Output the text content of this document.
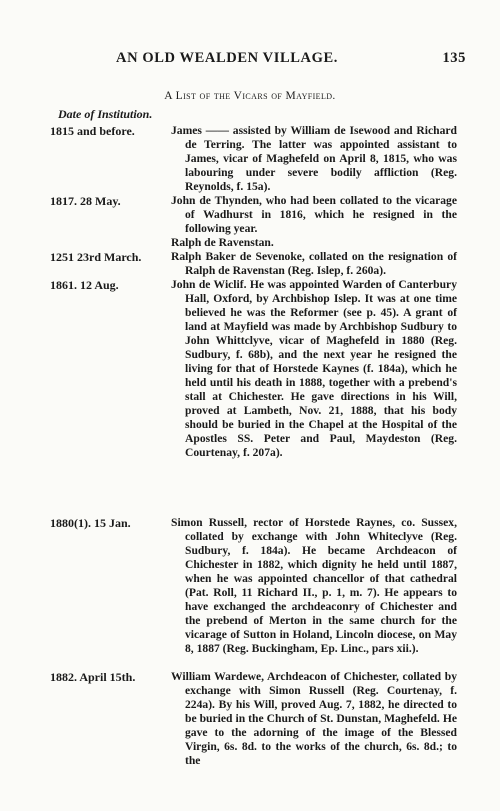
AN OLD WEALDEN VILLAGE.	135
A List of the Vicars of Mayfield.
Date of Institution.
1815 and before.	James —— assisted by William de Isewood and Richard de Terring. The latter was appointed assistant to James, vicar of Maghefeld on April 8, 1815, who was labouring under severe bodily affliction (Reg. Reynolds, f. 15a).
1817. 28 May.	John de Thynden, who had been collated to the vicarage of Wadhurst in 1816, which he resigned in the following year.
Ralph de Ravenstan.
1251 23rd March.	Ralph Baker de Sevenoke, collated on the resignation of Ralph de Ravenstan (Reg. Islep, f. 260a).
1861. 12 Aug.	John de Wiclif. He was appointed Warden of Canterbury Hall, Oxford, by Archbishop Islep. It was at one time believed he was the Reformer (see p. 45). A grant of land at Mayfield was made by Archbishop Sudbury to John Whittclyve, vicar of Maghefeld in 1880 (Reg. Sudbury, f. 68b), and the next year he resigned the living for that of Horstede Kaynes (f. 184a), which he held until his death in 1888, together with a prebend's stall at Chichester. He gave directions in his Will, proved at Lambeth, Nov. 21, 1888, that his body should be buried in the Chapel at the Hospital of the Apostles SS. Peter and Paul, Maydeston (Reg. Courtenay, f. 207a).
1880(1). 15 Jan.	Simon Russell, rector of Horstede Raynes, co. Sussex, collated by exchange with John Whiteclyve (Reg. Sudbury, f. 184a). He became Archdeacon of Chichester in 1882, which dignity he held until 1887, when he was appointed chancellor of that cathedral (Pat. Roll, 11 Richard II., p. 1, m. 7). He appears to have exchanged the archdeaconry of Chichester and the prebend of Merton in the same church for the vicarage of Sutton in Holand, Lincoln diocese, on May 8, 1887 (Reg. Buckingham, Ep. Linc., pars xii.).
1882. April 15th.	William Wardewe, Archdeacon of Chichester, collated by exchange with Simon Russell (Reg. Courtenay, f. 224a). By his Will, proved Aug. 7, 1882, he directed to be buried in the Church of St. Dunstan, Maghefeld. He gave to the adorning of the image of the Blessed Virgin, 6s. 8d. to the works of the church, 6s. 8d.; to the
